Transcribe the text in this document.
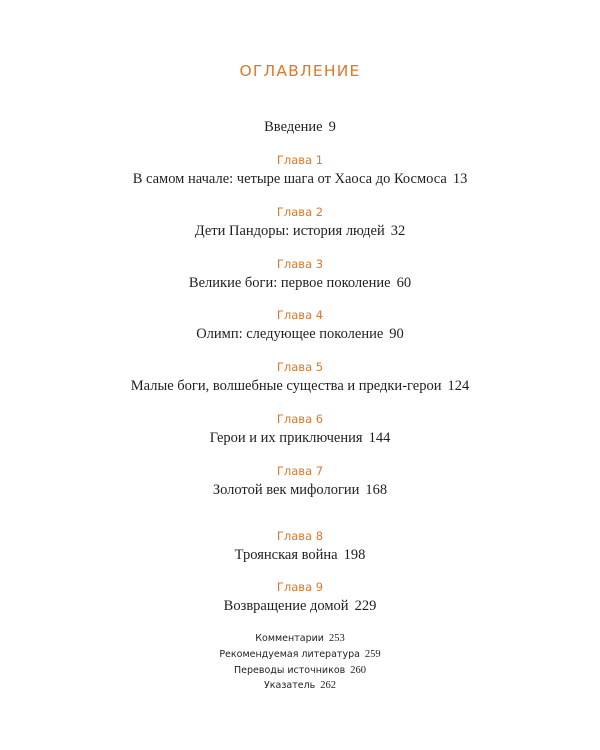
ОГЛАВЛЕНИЕ
Введение 9
Глава 1
В самом начале: четыре шага от Хаоса до Космоса 13
Глава 2
Дети Пандоры: история людей 32
Глава 3
Великие боги: первое поколение 60
Глава 4
Олимп: следующее поколение 90
Глава 5
Малые боги, волшебные существа и предки-герои 124
Глава 6
Герои и их приключения 144
Глава 7
Золотой век мифологии 168
Глава 8
Троянская война 198
Глава 9
Возвращение домой 229
Комментарии 253
Рекомендуемая литература 259
Переводы источников 260
Указатель 262
